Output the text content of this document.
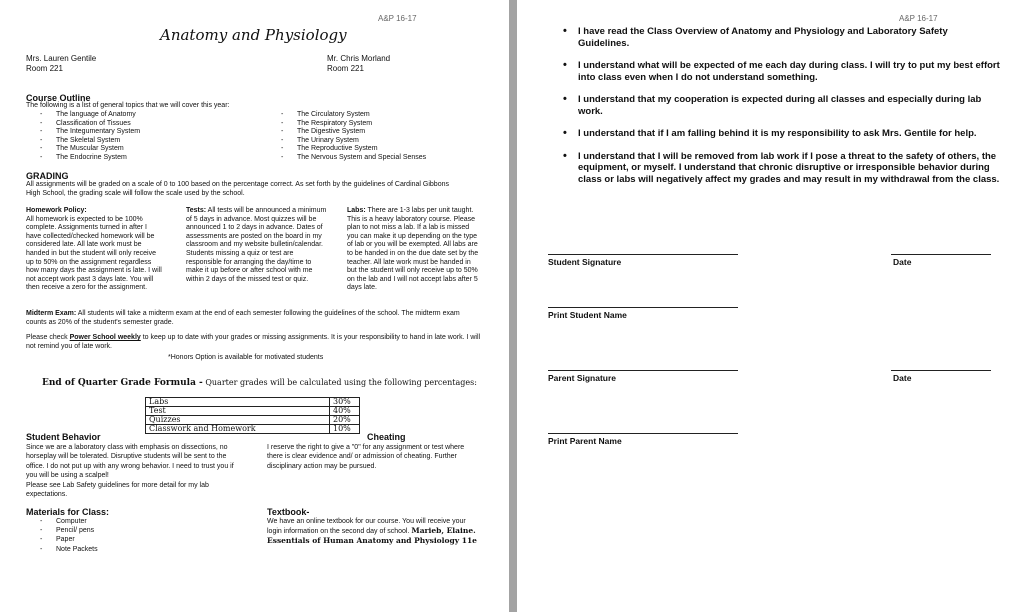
A&P 16-17
Anatomy and Physiology
Mrs. Lauren Gentile
Room 221
Mr. Chris Morland
Room 221
Course Outline
The following is a list of general topics that we will cover this year:
- The language of Anatomy
- Classification of Tissues
- The Integumentary System
- The Skeletal System
- The Muscular System
- The Endocrine System
- The Circulatory System
- The Respiratory System
- The Digestive System
- The Urinary System
- The Reproductive System
- The Nervous System and Special Senses
GRADING
All assignments will be graded on a scale of 0 to 100 based on the percentage correct. As set forth by the guidelines of Cardinal Gibbons High School, the grading scale will follow the scale used by the school.
Homework Policy:
All homework is expected to be 100% complete. Assignments turned in after I have collected/checked homework will be considered late. All late work must be handed in but the student will only receive up to 50% on the assignment regardless how many days the assignment is late. I will not accept work past 3 days late. You will then receive a zero for the assignment.
Tests: All tests will be announced a minimum of 5 days in advance. Most quizzes will be announced 1 to 2 days in advance. Dates of assessments are posted on the board in my classroom and my website bulletin/calendar. Students missing a quiz or test are responsible for arranging the day/time to make it up before or after school with me within 2 days of the missed test or quiz.
Labs: There are 1-3 labs per unit taught. This is a heavy laboratory course. Please plan to not miss a lab. If a lab is missed you can make it up depending on the type of lab or you will be exempted. All labs are to be handed in on the due date set by the teacher. All late work must be handed in but the student will only receive up to 50% on the lab and I will not accept labs after 5 days late.
Midterm Exam: All students will take a midterm exam at the end of each semester following the guidelines of the school. The midterm exam counts as 20% of the student's semester grade.
Please check Power School weekly to keep up to date with your grades or missing assignments. It is your responsibility to hand in late work. I will not remind you of late work.
*Honors Option is available for motivated students
End of Quarter Grade Formula - Quarter grades will be calculated using the following percentages:
Labs	30%
Test	40%
Quizzes	20%
Classwork and Homework	10%
Student Behavior	Cheating
Since we are a laboratory class with emphasis on dissections, no horseplay will be tolerated. Disruptive students will be sent to the office. I do not put up with any wrong behavior. I need to trust you if you will be using a scalpel!
Please see Lab Safety guidelines for more detail for my lab expectations.
I reserve the right to give a "0" for any assignment or test where there is clear evidence and/ or admission of cheating. Further disciplinary action may be pursued.
Materials for Class:
- Computer
- Pencil/ pens
- Paper
- Note Packets
Textbook-
We have an online textbook for our course. You will receive your login information on the second day of school. Marieb, Elaine. Essentials of Human Anatomy and Physiology 11e
A&P 16-17
• I have read the Class Overview of Anatomy and Physiology and Laboratory Safety Guidelines.
• I understand what will be expected of me each day during class. I will try to put my best effort into class even when I do not understand something.
• I understand that my cooperation is expected during all classes and especially during lab work.
• I understand that if I am falling behind it is my responsibility to ask Mrs. Gentile for help.
• I understand that I will be removed from lab work if I pose a threat to the safety of others, the equipment, or myself. I understand that chronic disruptive or irresponsible behavior during class or labs will negatively affect my grades and may result in my withdrawal from the class.
Student Signature	Date
Print Student Name
Parent Signature	Date
Print Parent Name
